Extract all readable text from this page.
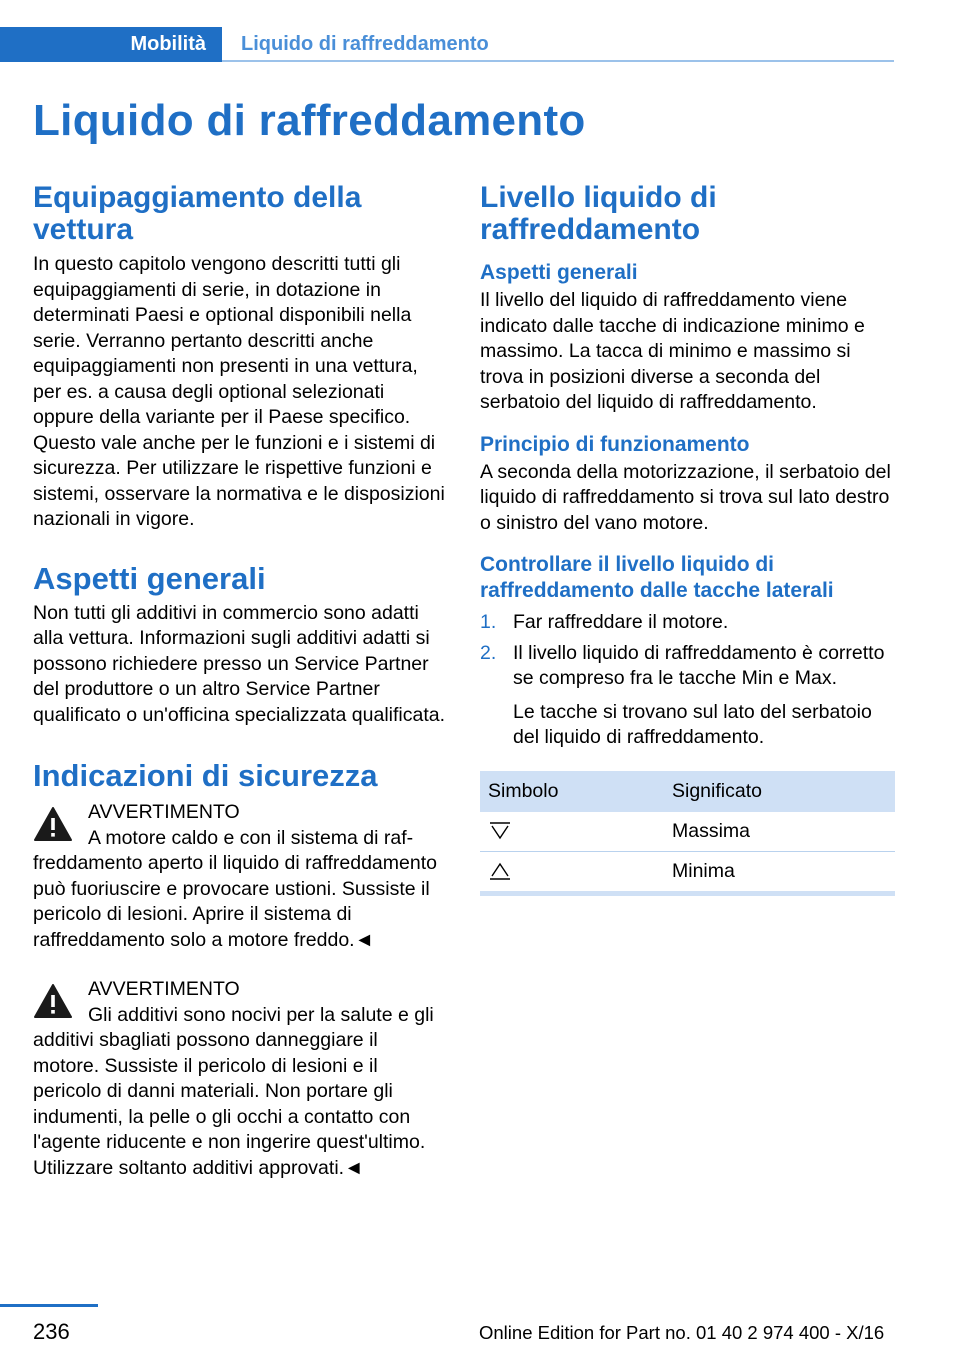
Mobilità	Liquido di raffreddamento
Liquido di raffreddamento
Equipaggiamento della vettura

In questo capitolo vengono descritti tutti gli equipaggiamenti di serie, in dotazione in determinati Paesi e optional disponibili nella serie. Verranno pertanto descritti anche equipaggiamenti non presenti in una vettura, per es. a causa degli optional selezionati oppure della variante per il Paese specifico. Questo vale anche per le funzioni e i sistemi di sicurezza. Per utilizzare le rispettive funzioni e sistemi, osservare la normativa e le disposizioni nazionali in vigore.

Aspetti generali

Non tutti gli additivi in commercio sono adatti alla vettura. Informazioni sugli additivi adatti si possono richiedere presso un Service Partner del produttore o un altro Service Partner qualificato o un'officina specializzata qualificata.

Indicazioni di sicurezza
AVVERTIMENTO

A motore caldo e con il sistema di raf-

freddamento aperto il liquido di raffreddamento può fuoriuscire e provocare ustioni. Sussiste il pericolo di lesioni. Aprire il sistema di raffreddamento solo a motore freddo.◄

AVVERTIMENTO

Gli additivi sono nocivi per la salute e gli

additivi sbagliati possono danneggiare il motore. Sussiste il pericolo di lesioni e il pericolo di danni materiali. Non portare gli indumenti, la pelle o gli occhi a contatto con l'agente riducente e non ingerire quest'ultimo. Utilizzare soltanto additivi approvati.◄

Livello liquido di raffreddamento
Aspetti generali

Il livello del liquido di raffreddamento viene indicato dalle tacche di indicazione minimo e massimo. La tacca di minimo e massimo si trova in posizioni diverse a seconda del serbatoio del liquido di raffreddamento.

Principio di funzionamento

A seconda della motorizzazione, il serbatoio del liquido di raffreddamento si trova sul lato destro o sinistro del vano motore.

Controllare il livello liquido di raffreddamento dalle tacche laterali
1. Far raffreddare il motore.
2. Il livello liquido di raffreddamento è corretto se compreso fra le tacche Min e Max.
Le tacche si trovano sul lato del serbatoio del liquido di raffreddamento.
Simbolo	Significato
	Massima
	Minima
236	Online Edition for Part no. 01 40 2 974 400 - X/16
